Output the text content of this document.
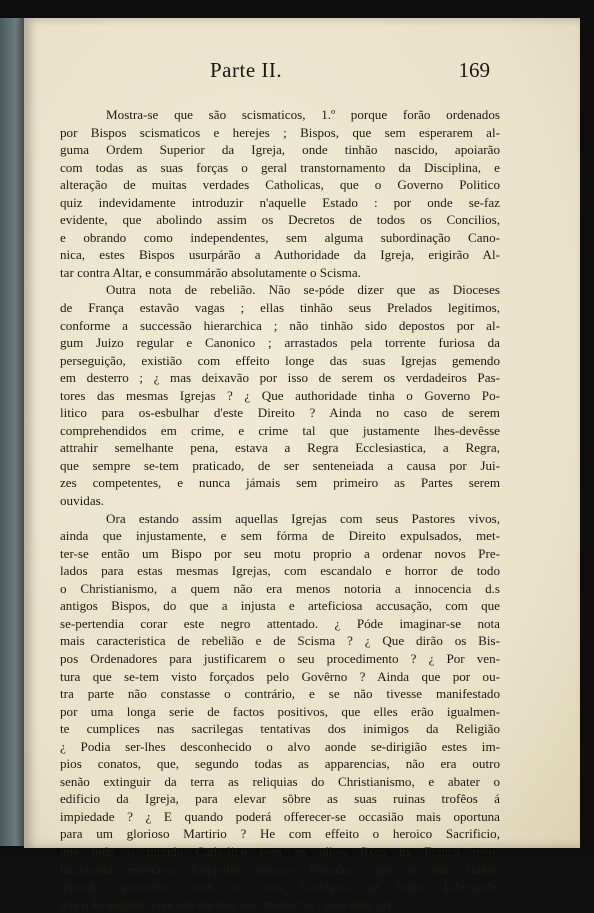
Parte II.	169

Mostra-se que são scismaticos, 1.º porque forão ordenados
por Bispos scismaticos e herejes ; Bispos, que sem esperarem al-
guma Ordem Superior da Igreja, onde tinhão nascido, apoiarão
com todas as suas forças o geral transtornamento da Disciplina, e
alteração de muitas verdades Catholicas, que o Governo Politico
quiz indevidamente introduzir n'aquelle Estado : por onde se-faz
evidente, que abolindo assim os Decretos de todos os Concilios,
e obrando como independentes, sem alguma subordinação Cano-
nica, estes Bispos usurpárão a Authoridade da Igreja, erigirão Al-
tar contra Altar, e consummárão absolutamente o Scisma.

Outra nota de rebelião. Não se-póde dizer que as Dioceses
de França estavão vagas ; ellas tinhão seus Prelados legitimos,
conforme a successão hierarchica ; não tinhão sido depostos por al-
gum Juizo regular e Canonico ; arrastados pela torrente furiosa da
perseguição, existião com effeito longe das suas Igrejas gemendo
em desterro ; ¿ mas deixavão por isso de serem os verdadeiros Pas-
tores das mesmas Igrejas ? ¿ Que authoridade tinha o Governo Po-
litico para os-esbulhar d'este Direito ? Ainda no caso de serem
comprehendidos em crime, e crime tal que justamente lhes-devêsse
attrahir semelhante pena, estava a Regra Ecclesiastica, a Regra,
que sempre se-tem praticado, de ser senteneiada a causa por Jui-
zes competentes, e nunca jámais sem primeiro as Partes serem
ouvidas.

Ora estando assim aquellas Igrejas com seus Pastores vivos,
ainda que injustamente, e sem fórma de Direito expulsados, met-
ter-se então um Bispo por seu motu proprio a ordenar novos Pre-
lados para estas mesmas Igrejas, com escandalo e horror de todo
o Christianismo, a quem não era menos notoria a innocencia d.s
antigos Bispos, do que a injusta e arteficiosa accusação, com que
se-pertendia corar este negro attentado. ¿ Póde imaginar-se nota
mais caracteristica de rebelião e de Scisma ? ¿ Que dirão os Bis-
pos Ordenadores para justificarem o seu procedimento ? ¿ Por ven-
tura que se-tem visto forçados pelo Govêrno ? Ainda que por ou-
tra parte não constasse o contrário, e se não tivesse manifestado
por uma longa serie de factos positivos, que elles erão igualmen-
te cumplices nas sacrilegas tentativas dos inimigos da Religião
¿ Podia ser-lhes desconhecido o alvo aonde se-dirigião estes im-
pios conatos, que, segundo todas as apparencias, não era outro
senão extinguir da terra as reliquias do Christianismo, e abater o
edificio da Igreja, para elevar sôbre as suas ruinas trofêos á
impiedade ? ¿ E quando poderá offerecer-se occasião mais oportuna
para um glorioso Martirio ? He com effeito o heroico Sacrificio,
que todo o mundo Catholico com os olhos fixos na França revo-
lucionaria esperava d'aquelles poucos Prelados, que se não tinhão
querido aproveitar, com os seus Collegas, da Santa Liberdade,
que o Evangelho concede em taes circunstâncias : mas elles pre-
